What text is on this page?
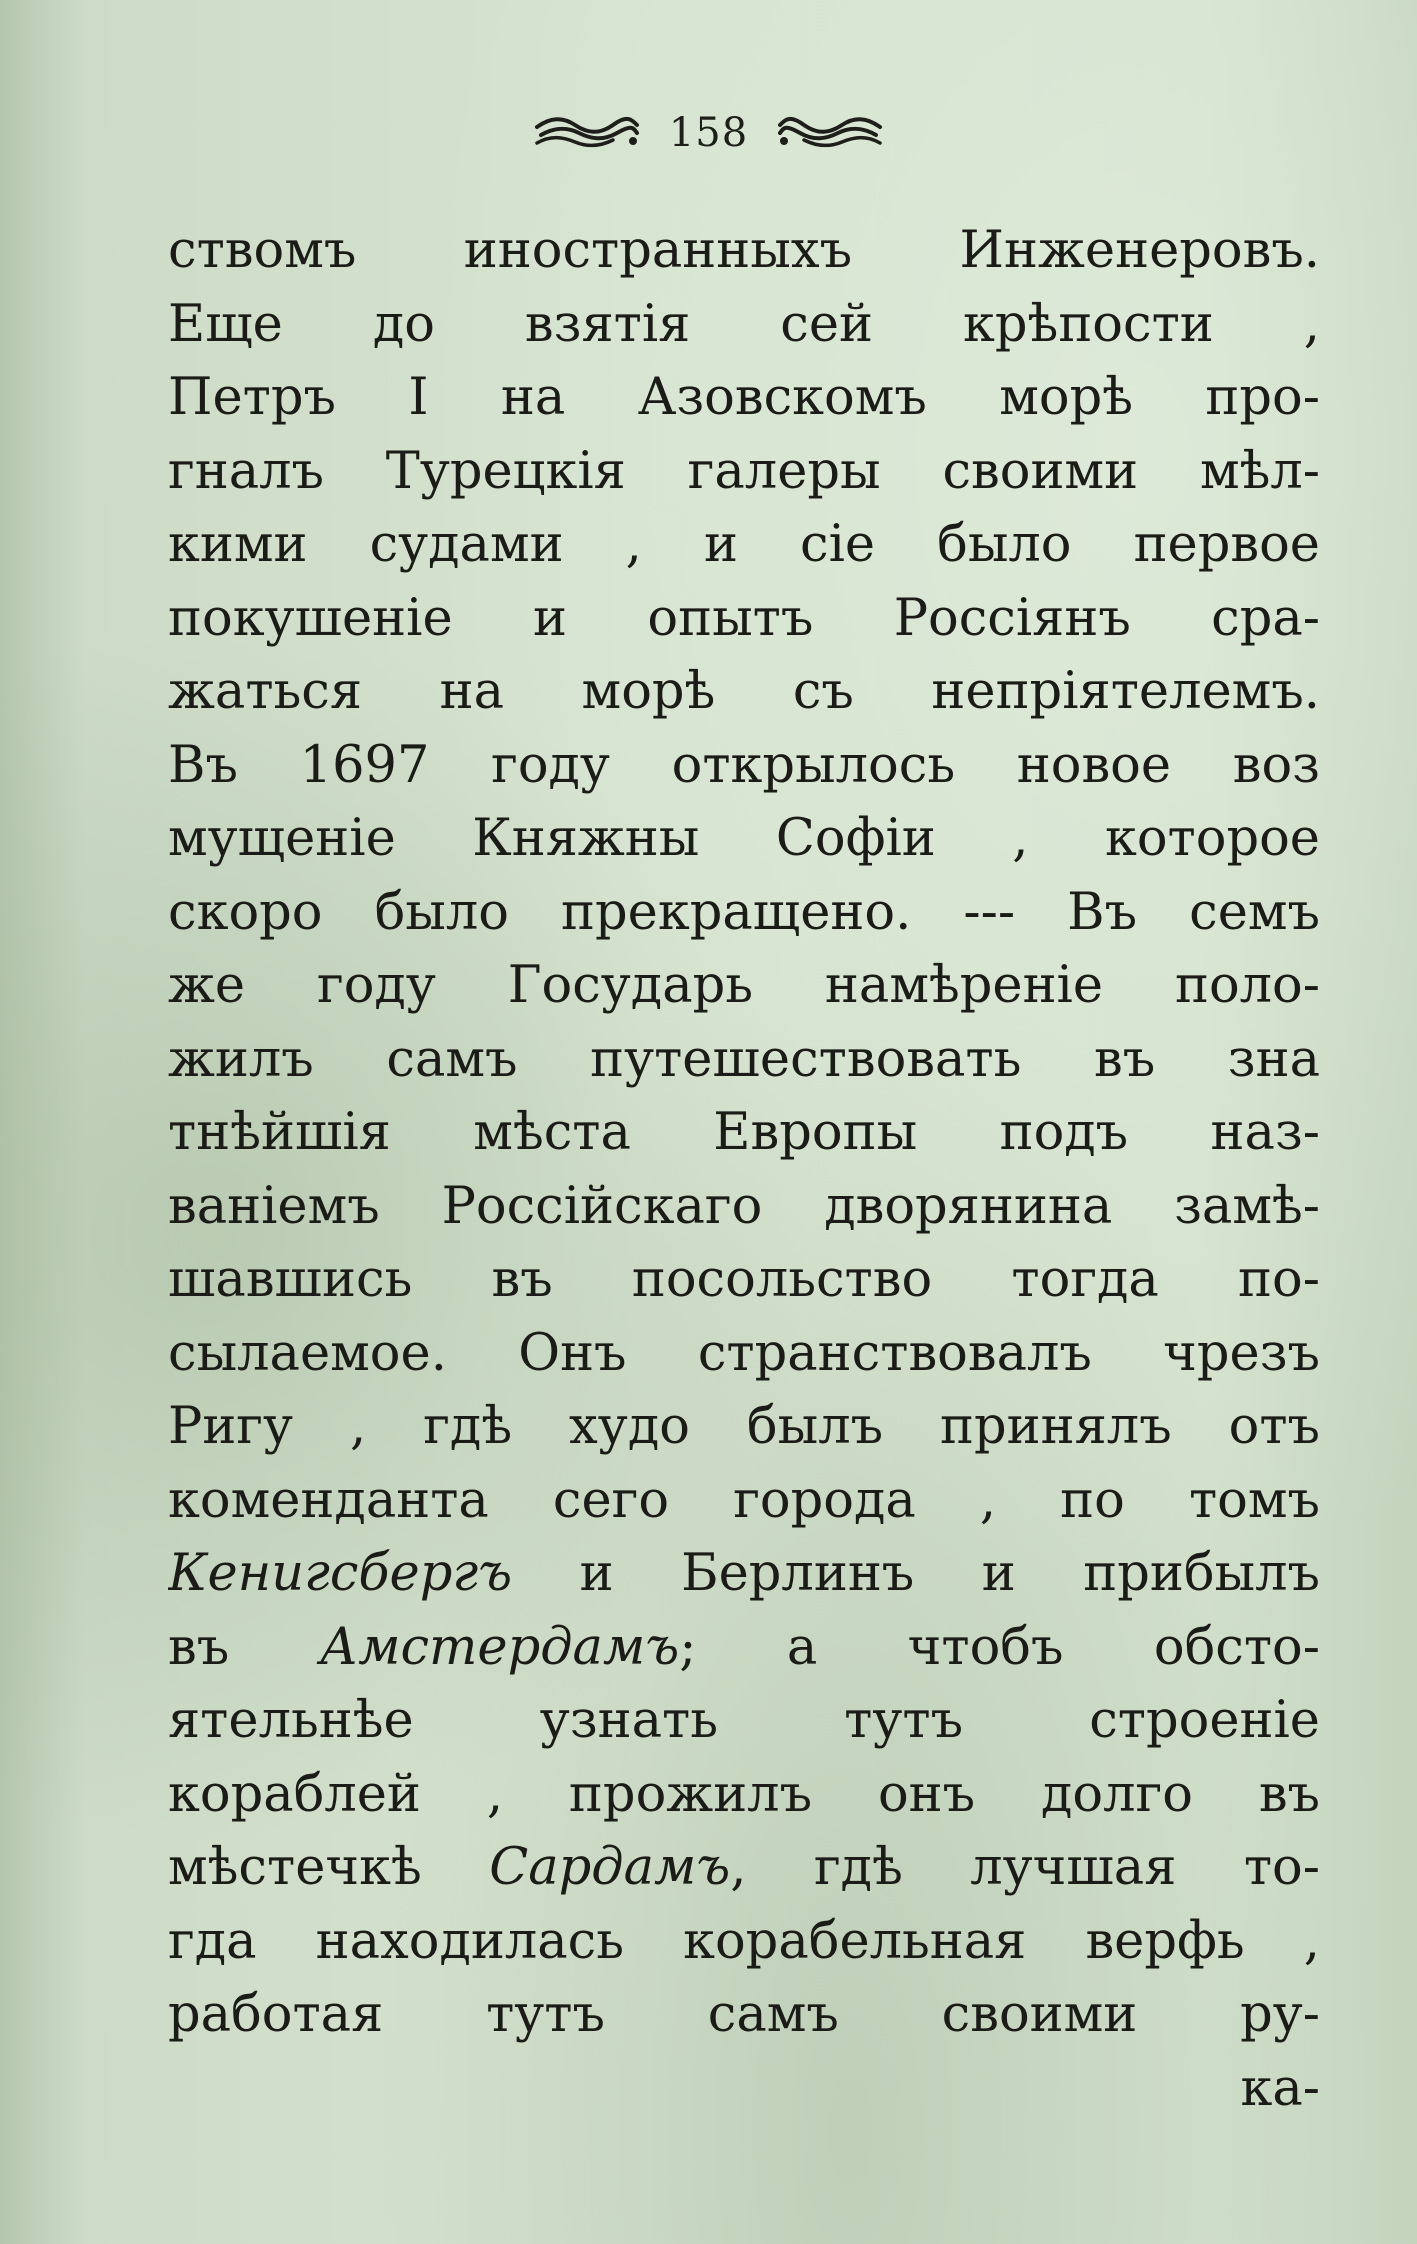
158
ствомъ иностранныхъ Инженеровъ.
Еще до взятія сей крѣпости ,
Петръ I на Азовскомъ морѣ про-
гналъ Турецкія галеры своими мѣл-
кими судами , и сіе было первое
покушеніе и опытъ Россіянъ сра-
жаться на морѣ съ непріятелемъ.
Въ 1697 году открылось новое воз
мущеніе Княжны Софіи , которое
скоро было прекращено. --- Въ семъ
же году Государь намѣреніе поло-
жилъ самъ путешествовать въ зна
тнѣйшія мѣста Европы подъ наз-
ваніемъ Россійскаго дворянина замѣ-
шавшись въ посольство тогда по-
сылаемое. Онъ странствовалъ чрезъ
Ригу , гдѣ худо былъ принялъ отъ
коменданта сего города , по томъ
Кенигсбергъ и Берлинъ и прибылъ
въ Амстердамъ; а чтобъ обсто-
ятельнѣе узнать тутъ строеніе
кораблей , прожилъ онъ долго въ
мѣстечкѣ Сардамъ, гдѣ лучшая то-
гда находилась корабельная верфь ,
работая тутъ самъ своими ру-
ка-
